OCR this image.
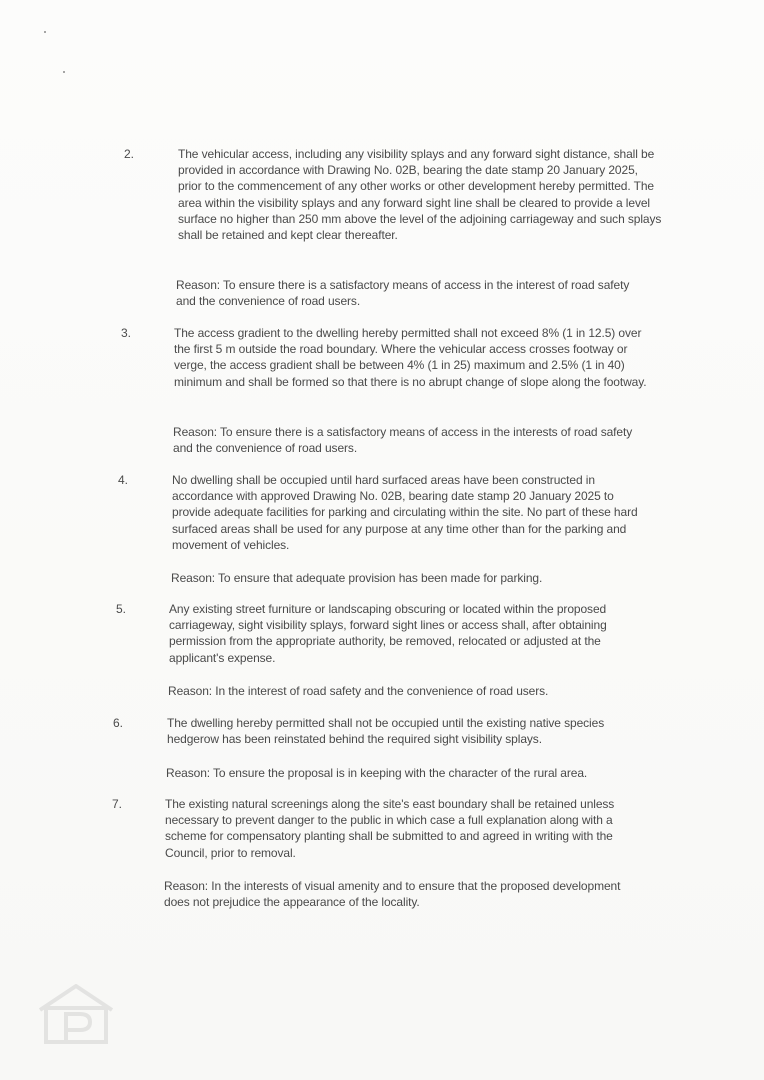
2.	The vehicular access, including any visibility splays and any forward sight distance, shall be provided in accordance with Drawing No. 02B, bearing the date stamp 20 January 2025, prior to the commencement of any other works or other development hereby permitted. The area within the visibility splays and any forward sight line shall be cleared to provide a level surface no higher than 250 mm above the level of the adjoining carriageway and such splays shall be retained and kept clear thereafter.
Reason: To ensure there is a satisfactory means of access in the interest of road safety and the convenience of road users.
3.	The access gradient to the dwelling hereby permitted shall not exceed 8% (1 in 12.5) over the first 5 m outside the road boundary. Where the vehicular access crosses footway or verge, the access gradient shall be between 4% (1 in 25) maximum and 2.5% (1 in 40) minimum and shall be formed so that there is no abrupt change of slope along the footway.
Reason: To ensure there is a satisfactory means of access in the interests of road safety and the convenience of road users.
4.	No dwelling shall be occupied until hard surfaced areas have been constructed in accordance with approved Drawing No. 02B, bearing date stamp 20 January 2025 to provide adequate facilities for parking and circulating within the site. No part of these hard surfaced areas shall be used for any purpose at any time other than for the parking and movement of vehicles.
Reason: To ensure that adequate provision has been made for parking.
5.	Any existing street furniture or landscaping obscuring or located within the proposed carriageway, sight visibility splays, forward sight lines or access shall, after obtaining permission from the appropriate authority, be removed, relocated or adjusted at the applicant's expense.
Reason: In the interest of road safety and the convenience of road users.
6.	The dwelling hereby permitted shall not be occupied until the existing native species hedgerow has been reinstated behind the required sight visibility splays.
Reason: To ensure the proposal is in keeping with the character of the rural area.
7.	The existing natural screenings along the site's east boundary shall be retained unless necessary to prevent danger to the public in which case a full explanation along with a scheme for compensatory planting shall be submitted to and agreed in writing with the Council, prior to removal.
Reason: In the interests of visual amenity and to ensure that the proposed development does not prejudice the appearance of the locality.
